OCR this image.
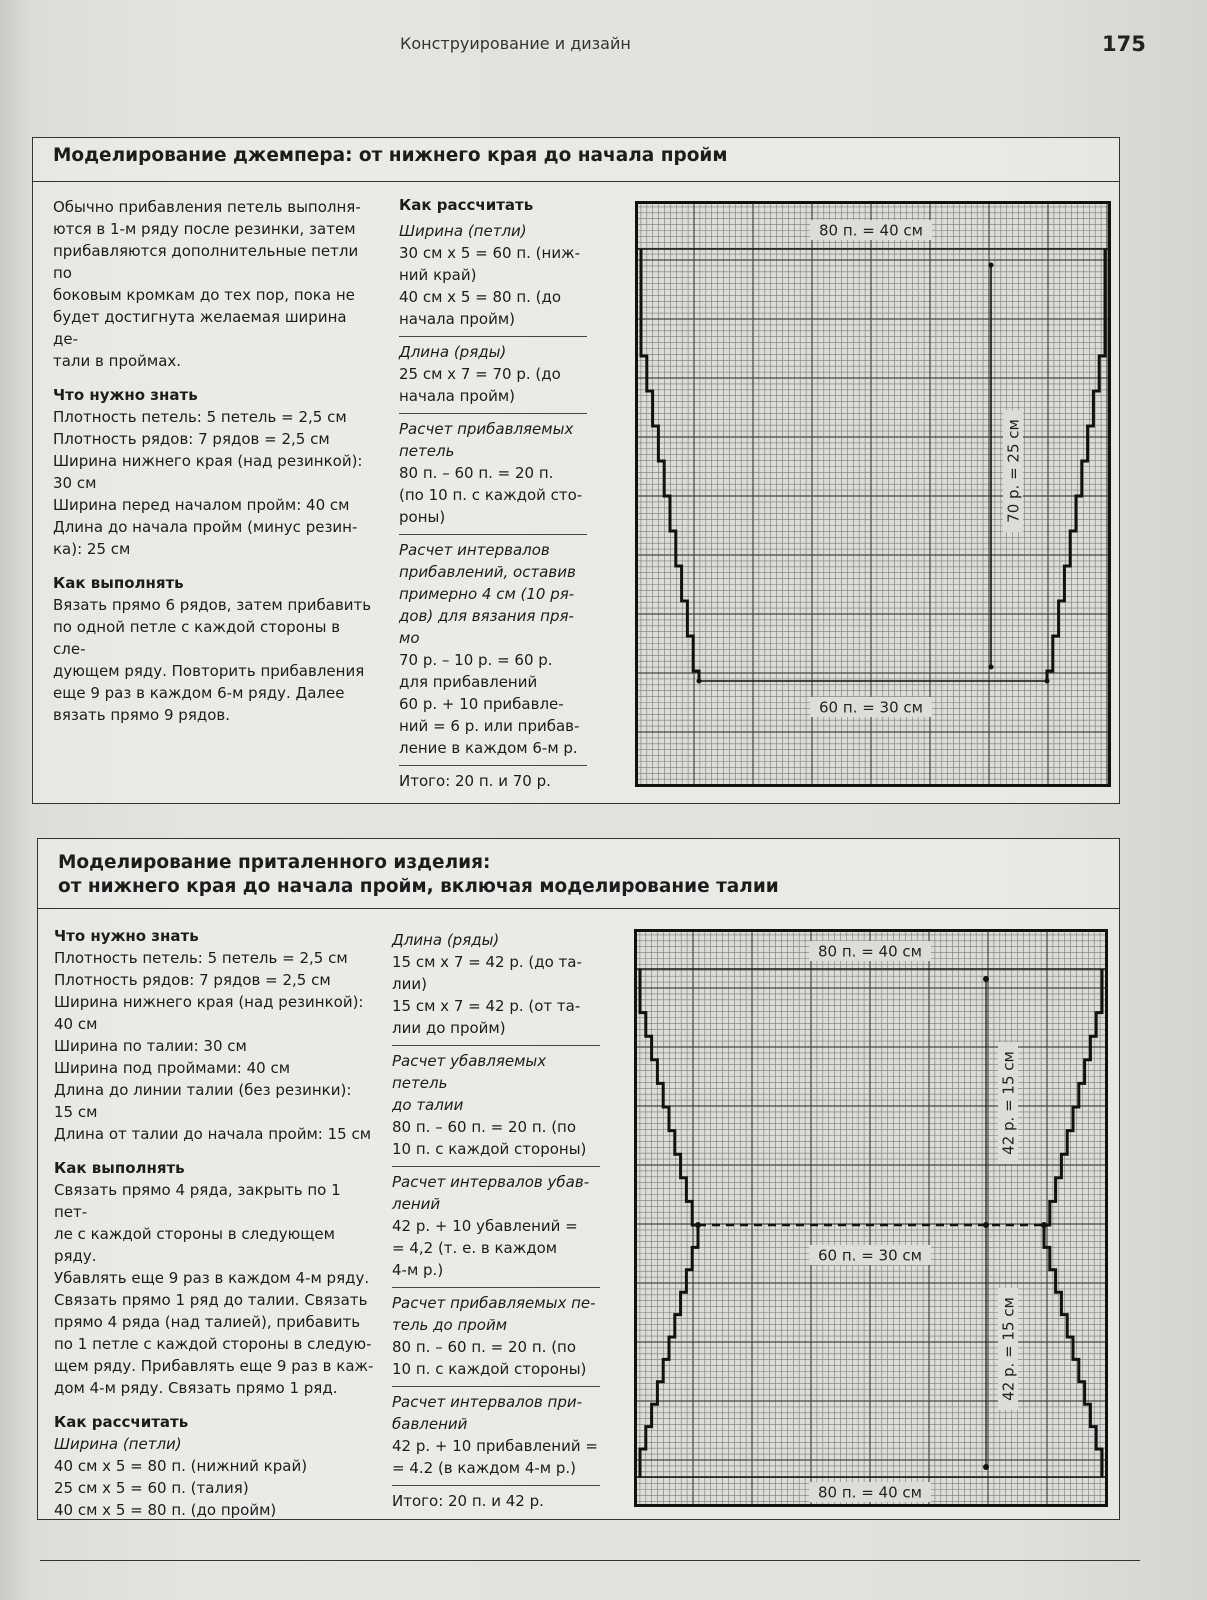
Конструирование и дизайн	175
Моделирование джемпера: от нижнего края до начала пройм
Обычно прибавления петель выполня-
ются в 1-м ряду после резинки, затем
прибавляются дополнительные петли по
боковым кромкам до тех пор, пока не
будет достигнута желаемая ширина де-
тали в проймах.
Что нужно знать
Плотность петель: 5 петель = 2,5 см
Плотность рядов: 7 рядов = 2,5 см
Ширина нижнего края (над резинкой):
30 см
Ширина перед началом пройм: 40 см
Длина до начала пройм (минус резин-
ка): 25 см
Как выполнять
Вязать прямо 6 рядов, затем прибавить
по одной петле с каждой стороны в сле-
дующем ряду. Повторить прибавления
еще 9 раз в каждом 6-м ряду. Далее
вязать прямо 9 рядов.
Как рассчитать
Ширина (петли)
30 см х 5 = 60 п. (ниж-
ний край)
40 см х 5 = 80 п. (до
начала пройм)
Длина (ряды)
25 см х 7 = 70 р. (до
начала пройм)
Расчет прибавляемых
петель
80 п. – 60 п. = 20 п.
(по 10 п. с каждой сто-
роны)
Расчет интервалов
прибавлений, оставив
примерно 4 см (10 ря-
дов) для вязания пря-
мо
70 р. – 10 р. = 60 р.
для прибавлений
60 р. + 10 прибавле-
ний = 6 р. или прибав-
ление в каждом 6-м р.
Итого: 20 п. и 70 р.
80 п. = 40 см
60 п. = 30 см
70 р. = 25 см
Моделирование приталенного изделия:
от нижнего края до начала пройм, включая моделирование талии
Что нужно знать
Плотность петель: 5 петель = 2,5 см
Плотность рядов: 7 рядов = 2,5 см
Ширина нижнего края (над резинкой):
40 см
Ширина по талии: 30 см
Ширина под проймами: 40 см
Длина до линии талии (без резинки):
15 см
Длина от талии до начала пройм: 15 см
Как выполнять
Связать прямо 4 ряда, закрыть по 1 пет-
ле с каждой стороны в следующем ряду.
Убавлять еще 9 раз в каждом 4-м ряду.
Связать прямо 1 ряд до талии. Связать
прямо 4 ряда (над талией), прибавить
по 1 петле с каждой стороны в следую-
щем ряду. Прибавлять еще 9 раз в каж-
дом 4-м ряду. Связать прямо 1 ряд.
Как рассчитать
Ширина (петли)
40 см х 5 = 80 п. (нижний край)
25 см х 5 = 60 п. (талия)
40 см х 5 = 80 п. (до пройм)
Длина (ряды)
15 см х 7 = 42 р. (до та-
лии)
15 см х 7 = 42 р. (от та-
лии до пройм)
Расчет убавляемых петель
до талии
80 п. – 60 п. = 20 п. (по
10 п. с каждой стороны)
Расчет интервалов убав-
лений
42 р. + 10 убавлений =
= 4,2 (т. е. в каждом
4-м р.)
Расчет прибавляемых пе-
тель до пройм
80 п. – 60 п. = 20 п. (по
10 п. с каждой стороны)
Расчет интервалов при-
бавлений
42 р. + 10 прибавлений =
= 4.2 (в каждом 4-м р.)
Итого: 20 п. и 42 р.
80 п. = 40 см
60 п. = 30 см
80 п. = 40 см
42 р. = 15 см
42 р. = 15 см
